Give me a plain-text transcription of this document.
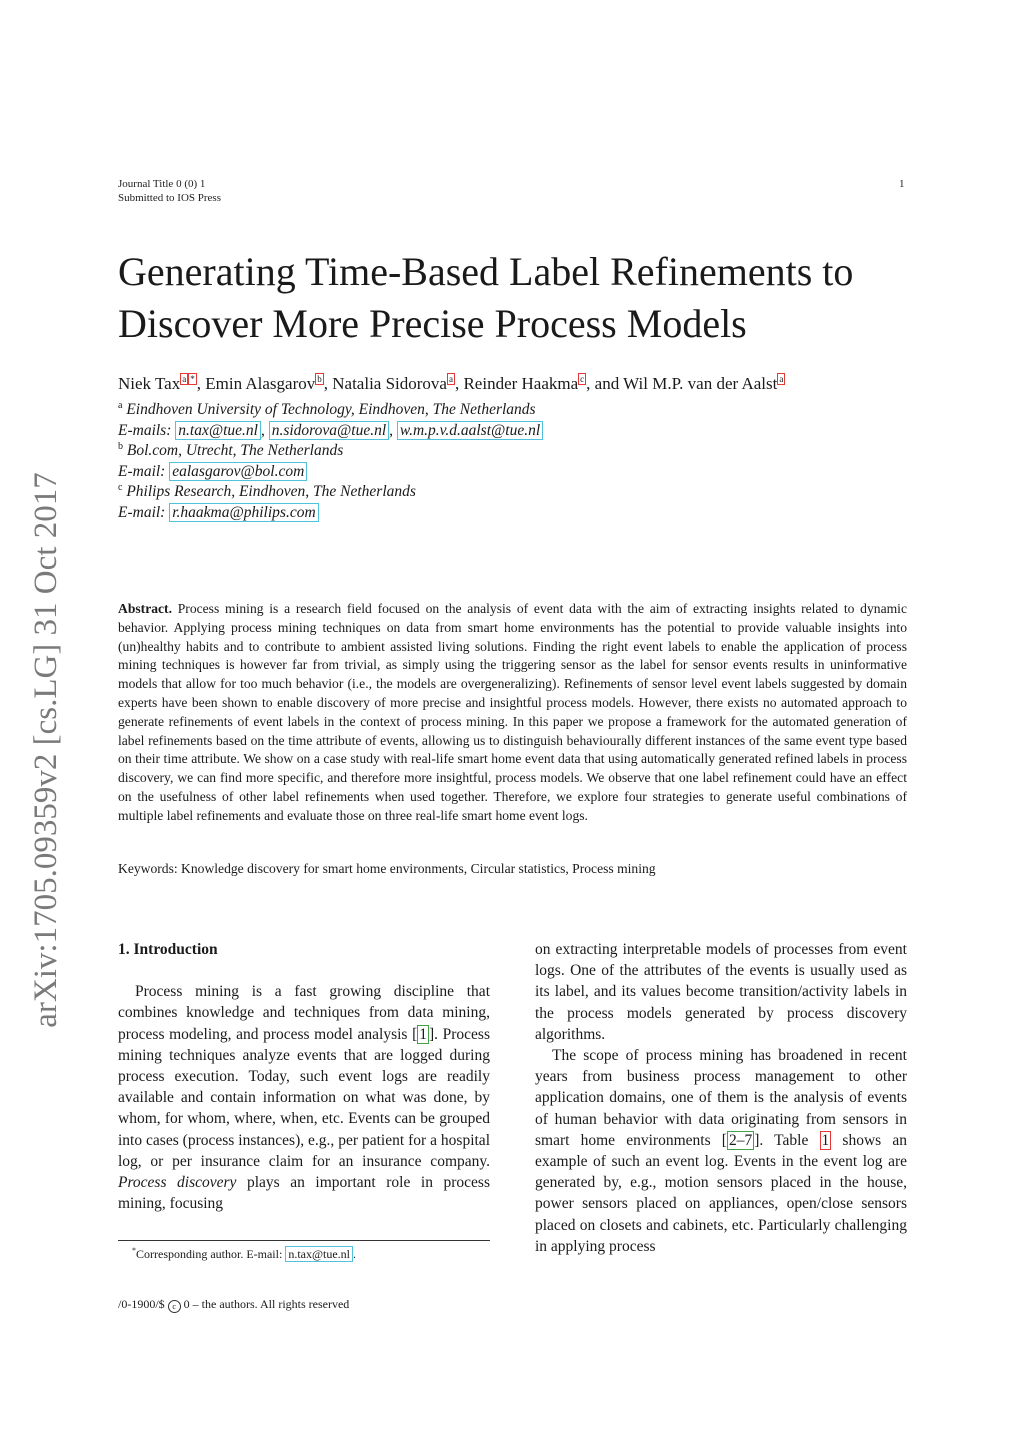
Journal Title 0 (0) 1
Submitted to IOS Press
1
arXiv:1705.09359v2 [cs.LG] 31 Oct 2017
Generating Time-Based Label Refinements to
Discover More Precise Process Models
Niek Tax $^{a *}$ , Emin Alasgarov $^b$ , Natalia Sidorova $^a$ , Reinder Haakma $^c$ , and Wil M.P. van der Aalst $^a$
$^a$ Eindhoven University of Technology, Eindhoven, The Netherlands
E-mails: n.tax@tue.nl , n.sidorova@tue.nl , w.m.p.v.d.aalst@tue.nl
$^b$ Bol.com, Utrecht, The Netherlands
E-mail: ealasgarov@bol.com
$^c$ Philips Research, Eindhoven, The Netherlands
E-mail: r.haakma@philips.com
Abstract. Process mining is a research field focused on the analysis of event data with the aim of extracting insights related to dynamic behavior. Applying process mining techniques on data from smart home environments has the potential to provide valuable insights into (un)healthy habits and to contribute to ambient assisted living solutions. Finding the right event labels to enable the application of process mining techniques is however far from trivial, as simply using the triggering sensor as the label for sensor events results in uninformative models that allow for too much behavior (i.e., the models are overgeneralizing). Refinements of sensor level event labels suggested by domain experts have been shown to enable discovery of more precise and insightful process models. However, there exists no automated approach to generate refinements of event labels in the context of process mining. In this paper we propose a framework for the automated generation of label refinements based on the time attribute of events, allowing us to distinguish behaviourally different instances of the same event type based on their time attribute. We show on a case study with real-life smart home event data that using automatically generated refined labels in process discovery, we can find more specific, and therefore more insightful, process models. We observe that one label refinement could have an effect on the usefulness of other label refinements when used together. Therefore, we explore four strategies to generate useful combinations of multiple label refinements and evaluate those on three real-life smart home event logs.
Keywords: Knowledge discovery for smart home environments, Circular statistics, Process mining
1. Introduction

Process mining is a fast growing discipline that combines knowledge and techniques from data mining, process modeling, and process model analysis [ 1 ]. Process mining techniques analyze events that are logged during process execution. Today, such event logs are readily available and contain information on what was done, by whom, for whom, where, when, etc. Events can be grouped into cases (process instances), e.g., per patient for a hospital log, or per insurance claim for an insurance company. Process discovery plays an important role in process mining, focusing

*Corresponding author. E-mail: n.tax@tue.nl .

on extracting interpretable models of processes from event logs. One of the attributes of the events is usually used as its label, and its values become transition/activity labels in the process models generated by process discovery algorithms.

The scope of process mining has broadened in recent years from business process management to other application domains, one of them is the analysis of events of human behavior with data originating from sensors in smart home environments [ 2–7 ]. Table 1 shows an example of such an event log. Events in the event log are generated by, e.g., motion sensors placed in the house, power sensors placed on appliances, open/close sensors placed on closets and cabinets, etc. Particularly challenging in applying process

/0-1900/$ c 0 – the authors. All rights reserved
